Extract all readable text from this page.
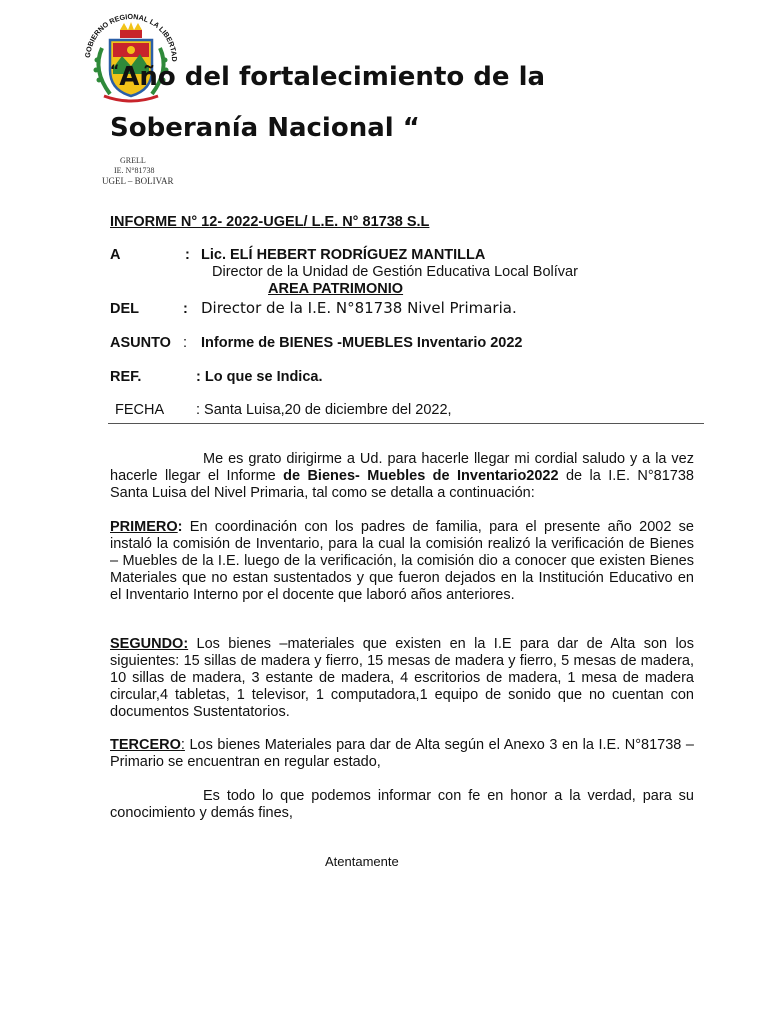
GOBIERNO REGIONAL LA LIBERTAD
“Año del fortalecimiento de la
Soberanía Nacional “
GRELL
IE. N°81738
UGEL – BOLIVAR
INFORME N° 12- 2022-UGEL/ L.E. N° 81738 S.L
A	: Lic. ELÍ HEBERT RODRÍGUEZ MANTILLA
Director de la Unidad de Gestión Educativa Local Bolívar
AREA PATRIMONIO
DEL	: Director de la I.E. N°81738 Nivel Primaria.
ASUNTO : Informe de BIENES -MUEBLES Inventario 2022
REF.	: Lo que se Indica.
FECHA : Santa Luisa,20 de diciembre del 2022,

Me es grato dirigirme a Ud. para hacerle llegar mi cordial saludo y a la vez hacerle llegar el Informe de Bienes- Muebles de Inventario2022 de la I.E. N°81738 Santa Luisa del Nivel Primaria, tal como se detalla a continuación:

PRIMERO: En coordinación con los padres de familia, para el presente año 2002 se instaló la comisión de Inventario, para la cual la comisión realizó la verificación de Bienes – Muebles de la I.E. luego de la verificación, la comisión dio a conocer que existen Bienes Materiales que no estan sustentados y que fueron dejados en la Institución Educativo en el Inventario Interno por el docente que laboró años anteriores.

SEGUNDO: Los bienes –materiales que existen en la I.E para dar de Alta son los siguientes: 15 sillas de madera y fierro, 15 mesas de madera y fierro, 5 mesas de madera, 10 sillas de madera, 3 estante de madera, 4 escritorios de madera, 1 mesa de madera circular,4 tabletas, 1 televisor, 1 computadora,1 equipo de sonido que no cuentan con documentos Sustentatorios.

TERCERO: Los bienes Materiales para dar de Alta según el Anexo 3 en la I.E. N°81738 – Primario se encuentran en regular estado,

Es todo lo que podemos informar con fe en honor a la verdad, para su conocimiento y demás fines,

Atentamente
